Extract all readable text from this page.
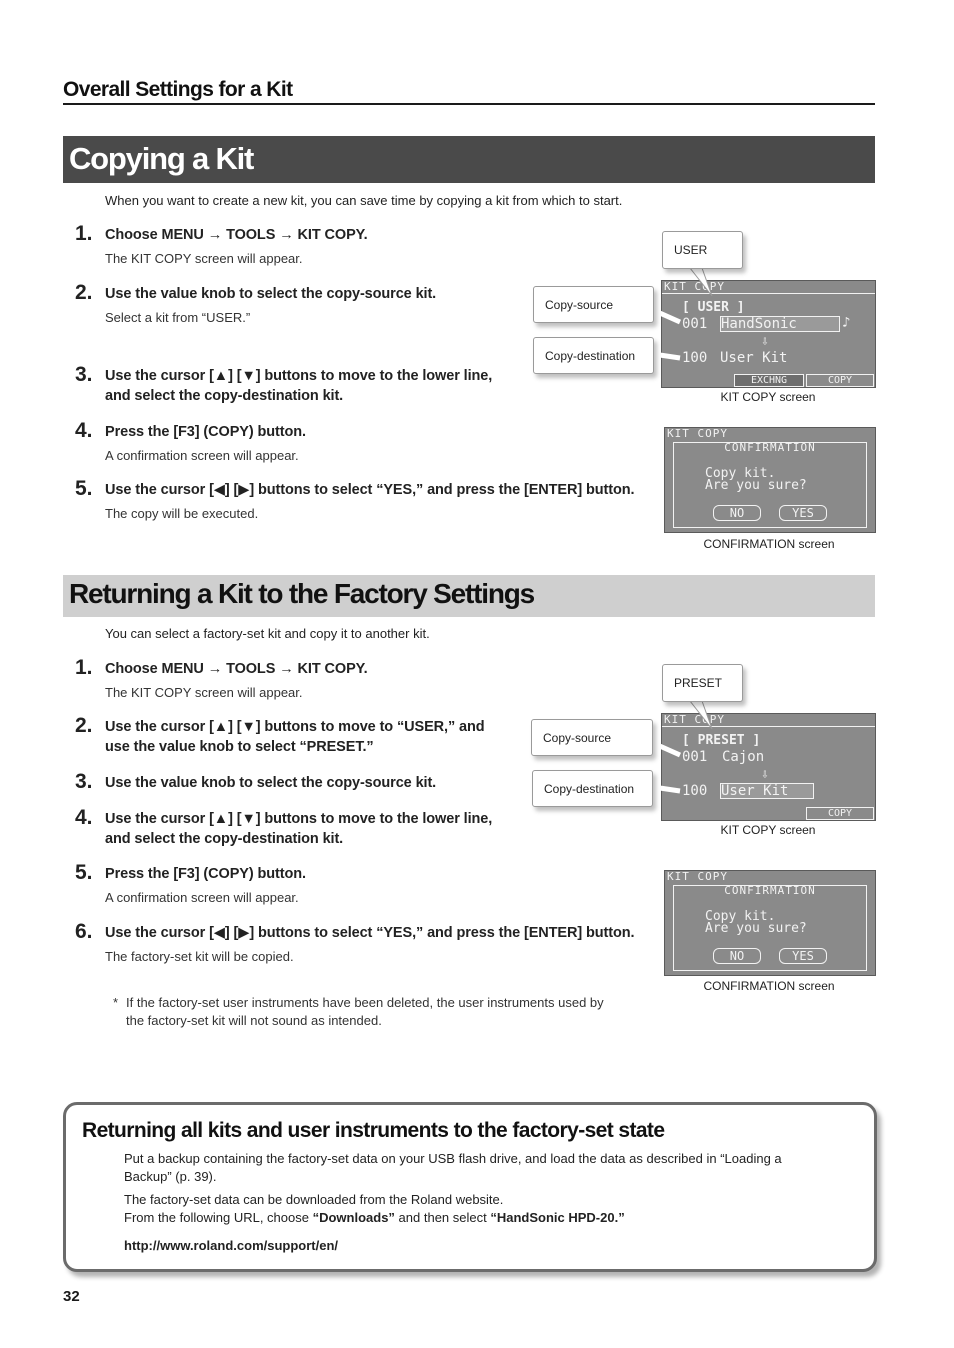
Overall Settings for a Kit
Copying a Kit
When you want to create a new kit, you can save time by copying a kit from which to start.
1. Choose MENU → TOOLS → KIT COPY.
The KIT COPY screen will appear.
2. Use the value knob to select the copy-source kit.
Select a kit from “USER.”
3. Use the cursor [▲] [▼] buttons to move to the lower line,
and select the copy-destination kit.
4. Press the [F3] (COPY) button.
A confirmation screen will appear.
5. Use the cursor [◀] [▶] buttons to select “YES,” and press the [ENTER] button.
The copy will be executed.
KIT COPY
[ USER ]
001 HandSonic	♪
⇩
100 User Kit
EXCHNG	COPY
USER
Copy-source
Copy-destination
KIT COPY screen
KIT COPY
CONFIRMATION
Copy kit.
Are you sure?
NO	YES
CONFIRMATION screen
Returning a Kit to the Factory Settings
You can select a factory-set kit and copy it to another kit.
1. Choose MENU → TOOLS → KIT COPY.
The KIT COPY screen will appear.
2. Use the cursor [▲] [▼] buttons to move to “USER,” and
use the value knob to select “PRESET.”
3. Use the value knob to select the copy-source kit.
4. Use the cursor [▲] [▼] buttons to move to the lower line,
and select the copy-destination kit.
5. Press the [F3] (COPY) button.
A confirmation screen will appear.
6. Use the cursor [◀] [▶] buttons to select “YES,” and press the [ENTER] button.
The factory-set kit will be copied.
* If the factory-set user instruments have been deleted, the user instruments used by
the factory-set kit will not sound as intended.
KIT COPY
[ PRESET ]
001 Cajon
⇩
100 User Kit
COPY
PRESET
Copy-source
Copy-destination
KIT COPY screen
KIT COPY
CONFIRMATION
Copy kit.
Are you sure?
NO	YES
CONFIRMATION screen
Returning all kits and user instruments to the factory-set state
Put a backup containing the factory-set data on your USB flash drive, and load the data as described in “Loading a
Backup” (p. 39).
The factory-set data can be downloaded from the Roland website.
From the following URL, choose “Downloads” and then select “HandSonic HPD-20.”
http://www.roland.com/support/en/
32
